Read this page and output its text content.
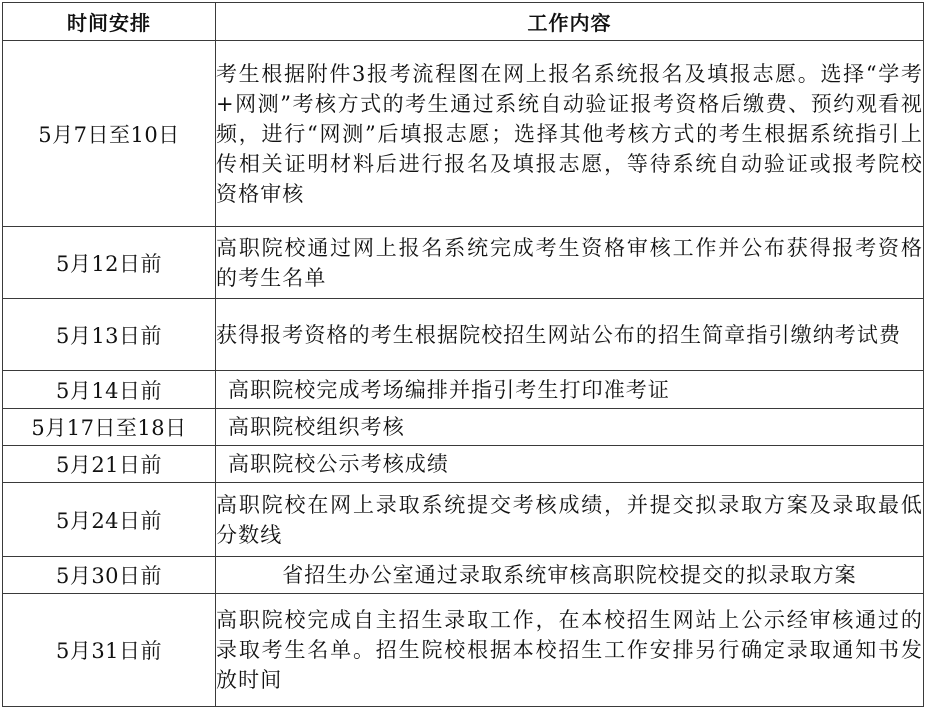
时间安排	工作内容
5月7日至10日	考生根据附件3报考流程图在网上报名系统报名及填报志愿。选择“学考+网测”考核方式的考生通过系统自动验证报考资格后缴费、预约观看视频，进行“网测”后填报志愿；选择其他考核方式的考生根据系统指引上传相关证明材料后进行报名及填报志愿，等待系统自动验证或报考院校资格审核
5月12日前	高职院校通过网上报名系统完成考生资格审核工作并公布获得报考资格的考生名单
5月13日前	获得报考资格的考生根据院校招生网站公布的招生简章指引缴纳考试费
5月14日前	高职院校完成考场编排并指引考生打印准考证
5月17日至18日	高职院校组织考核
5月21日前	高职院校公示考核成绩
5月24日前	高职院校在网上录取系统提交考核成绩，并提交拟录取方案及录取最低分数线
5月30日前	省招生办公室通过录取系统审核高职院校提交的拟录取方案
5月31日前	高职院校完成自主招生录取工作，在本校招生网站上公示经审核通过的录取考生名单。招生院校根据本校招生工作安排另行确定录取通知书发放时间
